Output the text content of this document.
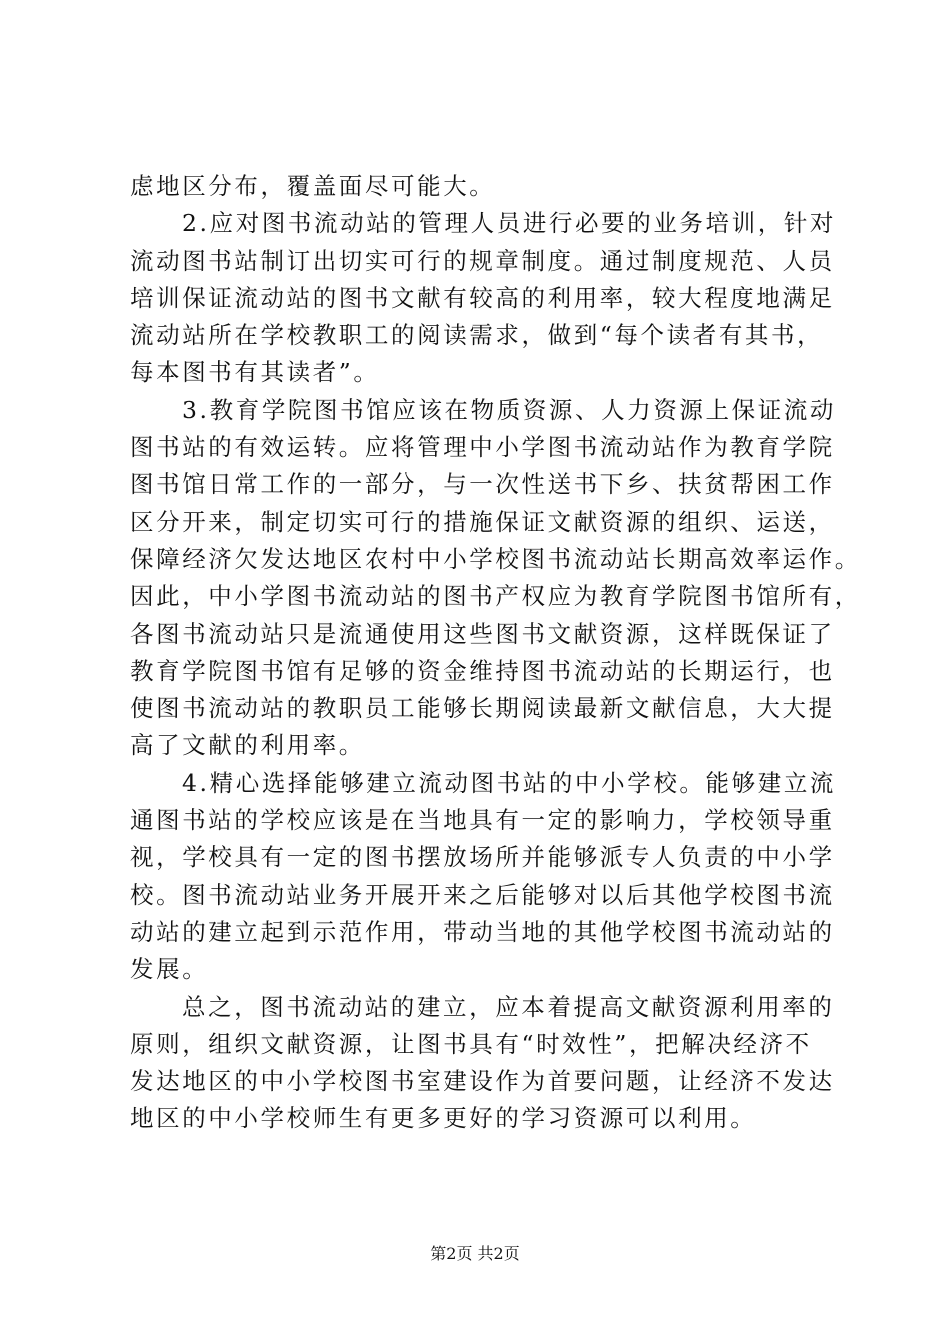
虑地区分布，覆盖面尽可能大。
2.应对图书流动站的管理人员进行必要的业务培训，针对
流动图书站制订出切实可行的规章制度。通过制度规范、人员
培训保证流动站的图书文献有较高的利用率，较大程度地满足
流动站所在学校教职工的阅读需求，做到“每个读者有其书，
每本图书有其读者”。
3.教育学院图书馆应该在物质资源、人力资源上保证流动
图书站的有效运转。应将管理中小学图书流动站作为教育学院
图书馆日常工作的一部分，与一次性送书下乡、扶贫帮困工作
区分开来，制定切实可行的措施保证文献资源的组织、运送，
保障经济欠发达地区农村中小学校图书流动站长期高效率运作。
因此，中小学图书流动站的图书产权应为教育学院图书馆所有，
各图书流动站只是流通使用这些图书文献资源，这样既保证了
教育学院图书馆有足够的资金维持图书流动站的长期运行，也
使图书流动站的教职员工能够长期阅读最新文献信息，大大提
高了文献的利用率。
4.精心选择能够建立流动图书站的中小学校。能够建立流
通图书站的学校应该是在当地具有一定的影响力，学校领导重
视，学校具有一定的图书摆放场所并能够派专人负责的中小学
校。图书流动站业务开展开来之后能够对以后其他学校图书流
动站的建立起到示范作用，带动当地的其他学校图书流动站的
发展。
总之，图书流动站的建立，应本着提高文献资源利用率的
原则，组织文献资源，让图书具有“时效性”，把解决经济不
发达地区的中小学校图书室建设作为首要问题，让经济不发达
地区的中小学校师生有更多更好的学习资源可以利用。
第2页 共2页
